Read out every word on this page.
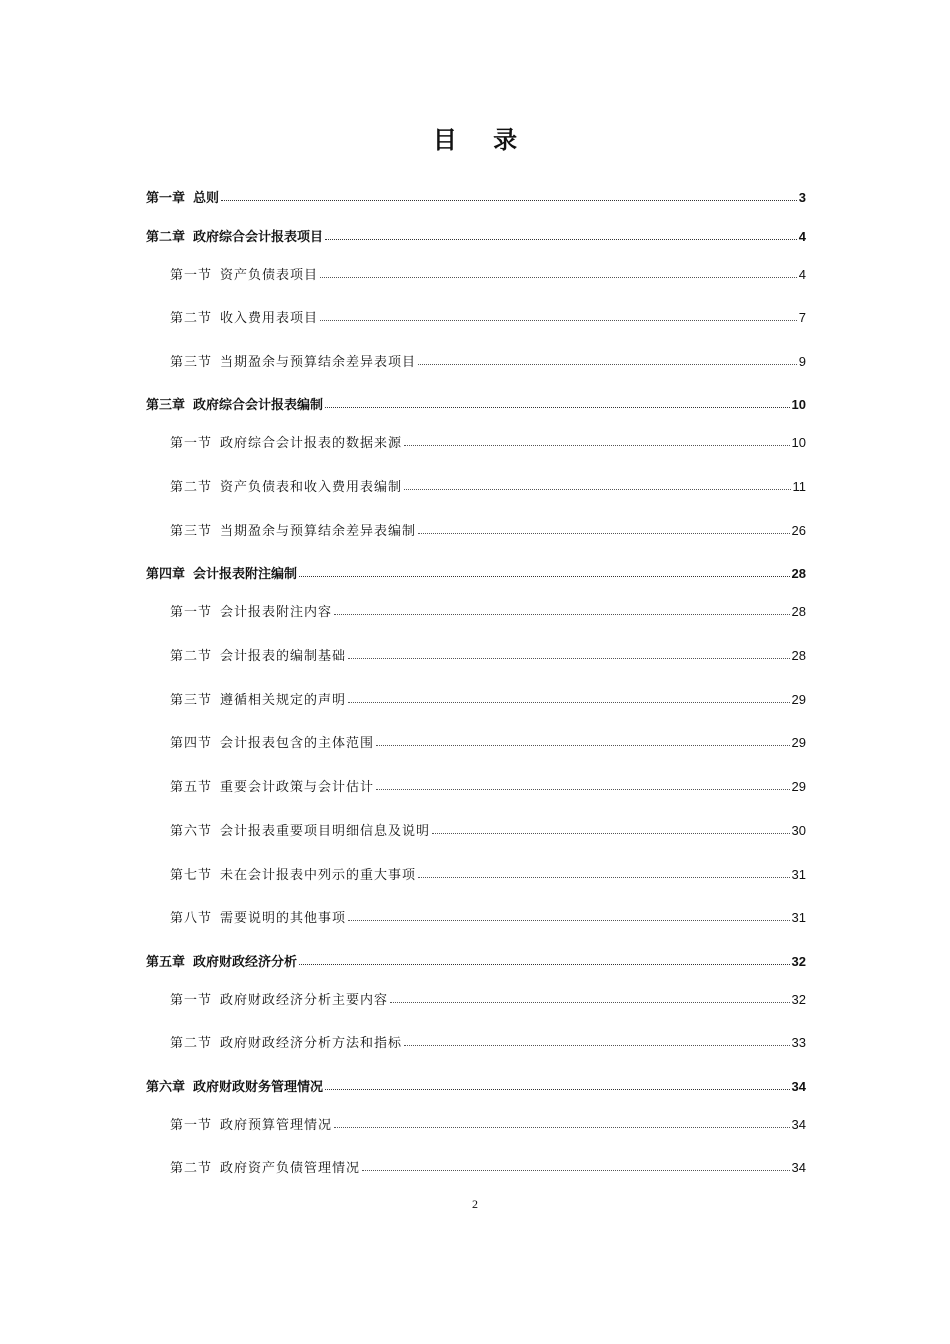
目 录
第一章 总则	3
第二章 政府综合会计报表项目	4
第一节 资产负债表项目	4
第二节 收入费用表项目	7
第三节 当期盈余与预算结余差异表项目	9
第三章 政府综合会计报表编制	10
第一节 政府综合会计报表的数据来源	10
第二节 资产负债表和收入费用表编制	11
第三节 当期盈余与预算结余差异表编制	26
第四章 会计报表附注编制	28
第一节 会计报表附注内容	28
第二节 会计报表的编制基础	28
第三节 遵循相关规定的声明	29
第四节 会计报表包含的主体范围	29
第五节 重要会计政策与会计估计	29
第六节 会计报表重要项目明细信息及说明	30
第七节 未在会计报表中列示的重大事项	31
第八节 需要说明的其他事项	31
第五章 政府财政经济分析	32
第一节 政府财政经济分析主要内容	32
第二节 政府财政经济分析方法和指标	33
第六章 政府财政财务管理情况	34
第一节 政府预算管理情况	34
第二节 政府资产负债管理情况	34
2
